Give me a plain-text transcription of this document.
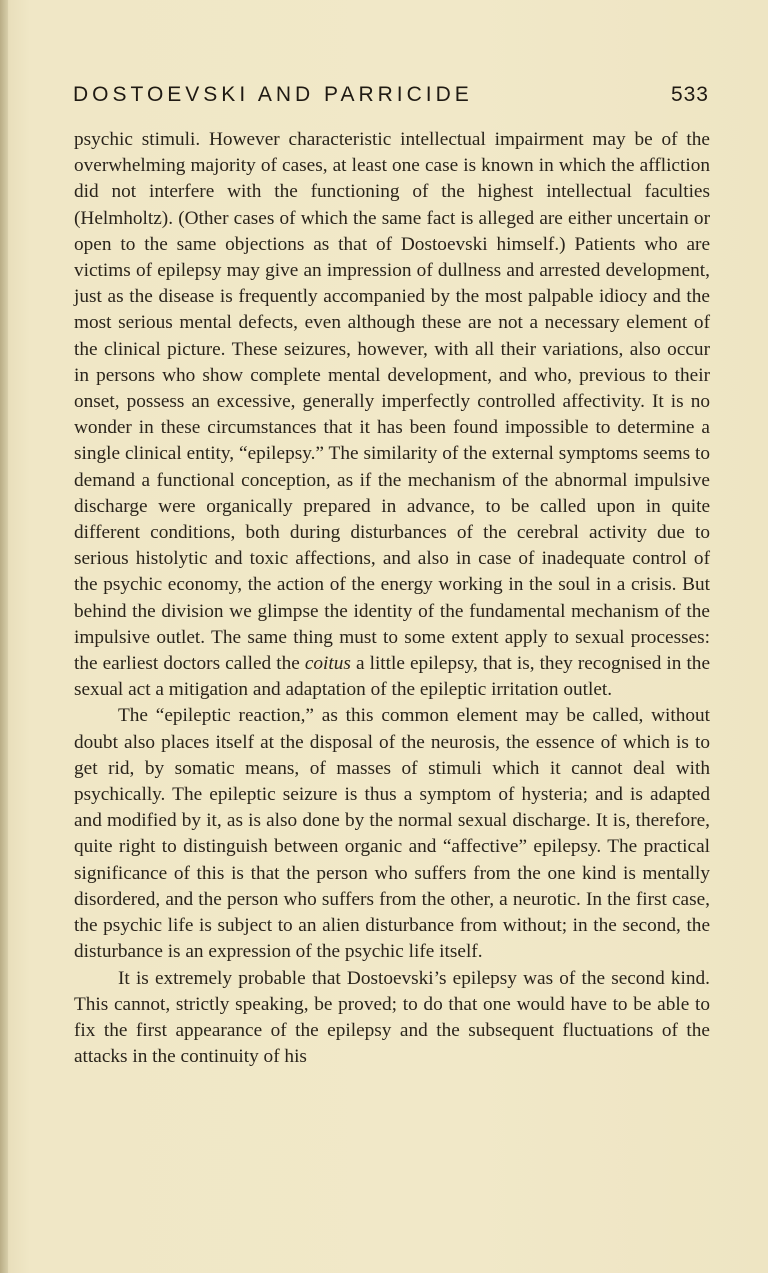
DOSTOEVSKI AND PARRICIDE	533

psychic stimuli. However characteristic intellectual impairment may be of the overwhelming majority of cases, at least one case is known in which the affliction did not interfere with the functioning of the highest intellectual faculties (Helmholtz). (Other cases of which the same fact is alleged are either uncertain or open to the same objections as that of Dostoevski himself.) Patients who are victims of epilepsy may give an impression of dullness and arrested development, just as the disease is frequently accompanied by the most palpable idiocy and the most serious mental defects, even although these are not a necessary element of the clinical picture. These seizures, however, with all their variations, also occur in persons who show complete mental development, and who, previous to their onset, possess an excessive, generally imperfectly controlled affectivity. It is no wonder in these circumstances that it has been found impossible to determine a single clinical entity, “epilepsy.” The similarity of the external symptoms seems to demand a functional conception, as if the mechanism of the abnormal impulsive discharge were organically prepared in advance, to be called upon in quite different conditions, both during disturbances of the cerebral activity due to serious histolytic and toxic affections, and also in case of inadequate control of the psychic economy, the action of the energy working in the soul in a crisis. But behind the division we glimpse the identity of the fundamental mechanism of the impulsive outlet. The same thing must to some extent apply to sexual processes: the earliest doctors called the coitus a little epilepsy, that is, they recognised in the sexual act a mitigation and adaptation of the epileptic irritation outlet.

The “epileptic reaction,” as this common element may be called, without doubt also places itself at the disposal of the neurosis, the essence of which is to get rid, by somatic means, of masses of stimuli which it cannot deal with psychically. The epileptic seizure is thus a symptom of hysteria; and is adapted and modified by it, as is also done by the normal sexual discharge. It is, therefore, quite right to distinguish between organic and “affective” epilepsy. The practical significance of this is that the person who suffers from the one kind is mentally disordered, and the person who suffers from the other, a neurotic. In the first case, the psychic life is subject to an alien disturbance from without; in the second, the disturbance is an expression of the psychic life itself.

It is extremely probable that Dostoevski’s epilepsy was of the second kind. This cannot, strictly speaking, be proved; to do that one would have to be able to fix the first appearance of the epilepsy and the subsequent fluctuations of the attacks in the continuity of his
